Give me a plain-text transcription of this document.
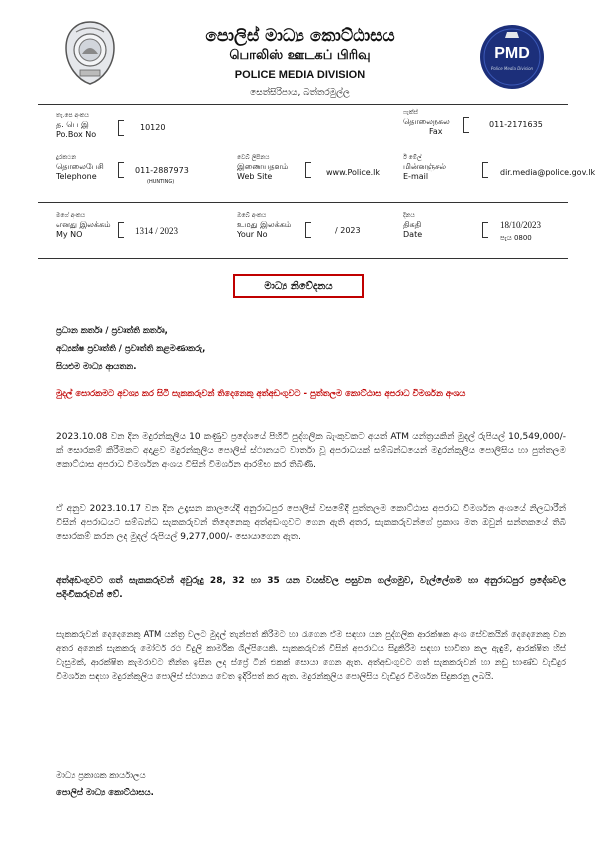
PMD
Police Media Division
පොලිස් මාධ්‍ය කොට්ඨාසය
பொலிஸ் ஊடகப் பிரிவு
POLICE MEDIA DIVISION
සෙත්සිරිපාය, බත්තරමුල්ල
තැ.පෙ අංකය
த. பெ இ
Po.Box No
10120
ෆැක්ස්
தொலைநகல
Fax
011-2171635
දුරකථන
தொலைபேசி
Telephone
011-2887973
(HUNTING)
වෙබ් ලිපිනය
இணையதளம்
Web Site	www.Police.lk
ඊ මේල්
மின்னஞ்சல்
E-mail	dir.media@police.gov.lk
මගේ අංකය
எனது இலக்கம்
My NO	1314 / 2023
ඔබේ අංකය
உமது இலக்கம்
Your No	/ 2023
දිනය
திகதி
Date
18/10/2023
පැය 0800
මාධ්‍ය නිවේදනය
ප්‍රධාන කර්තෘ / ප්‍රවෘත්ති කර්තෘ,
අධ්‍යක්ෂ ප්‍රවෘත්ති / ප්‍රවෘත්ති කළමණාකරු,
සියළුම මාධ්‍ය ආයතන.
මුදල් සොරකමට අවශ්‍ය කර සිටි සැකකරුවන් තිදෙනෙකු අත්අඩංගුවට - පුත්තලම කොට්ඨාස අපරාධ විමර්ශන අංශය
2023.10.08 වන දින මදුරන්කුලිය 10 කණුව ප්‍රදේශයේ පිහිටි පුද්ගලික බැංකුවකට අයත් ATM යන්ත්‍රයකින් මුදල් රුපියල් 10,549,000/- ක් සොරකම් කිරීමකට අදාළව මදුරන්කුලිය පොලිස් ස්ථානයට වාර්තා වූ අපරාධයක් සම්බන්ධයෙන් මදුරන්කුලිය පොලිසිය හා පුත්තලම කොට්ඨාස අපරාධ විමර්ශන අංශය විසින් විමර්ශන ආරම්භ කර තිබිණි.
ඒ අනුව 2023.10.17 වන දින උදෑසන කාලයේදී අනුරාධපුර පොලිස් වසමේදී පුත්තලම කොට්ඨාස අපරාධ විමර්ශන අංශයේ නිලධාරීන් විසින් අපරාධයට සම්බන්ධ සැකකරුවන් තිදෙනෙකු අත්අඩංගුවට ගෙන ඇති අතර, සැකකරුවන්ගේ ප්‍රකාශ මත ඔවුන් සන්තකයේ තිබී සොරකම් කරන ලද මුදල් රුපියල් 9,277,000/- සොයාගෙන ඇත.
අත්අඩංගුවට ගත් සැකකරුවන් අවුරුදු 28, 32 හා 35 යන වයස්වල පසුවන ගල්ගමුව, වැල්ලේගම හා අනුරාධපුර ප්‍රදේශවල පදිංචිකරුවන් වේ.
සැකකරුවන් දෙදෙනෙකු ATM යන්ත්‍ර වලට මුදල් තැන්පත් කිරීමට හා රැගෙන ඒම සඳහා යන පුද්ගලික ආරක්ෂක අංශ සේවකයින් දෙදෙනෙකු වන අතර අනෙක් සැකකරු මෝටර් රථ විදුලි කාර්මික ශිල්පියෙකි. සැකකරුවන් විසින් අපරාධය සිදුකිරීම සඳහා භාවිතා කල ඇඳුම්, ආරක්ෂිත හිස් වැසුමක්, ආරක්ෂිත කැමරාවට තීන්ත ඉසින ලද ස්ප්‍රේ ටින් එකක් සොයා ගෙන ඇත. අත්අඩංගුවට ගත් සැකකරුවන් හා නඩු භාණ්ඩ වැඩිදුර විමර්ශන සඳහා මදුරන්කුලිය පොලිස් ස්ථානය වෙත ඉදිරිපත් කර ඇත. මදුරන්කුලිය පොලිසිය වැඩිදුර විමර්ශන සිදුකරනු ලබයි.
මාධ්‍ය ප්‍රකාශක කාර්යාලය
පොලිස් මාධ්‍ය කොට්ඨාසය.
